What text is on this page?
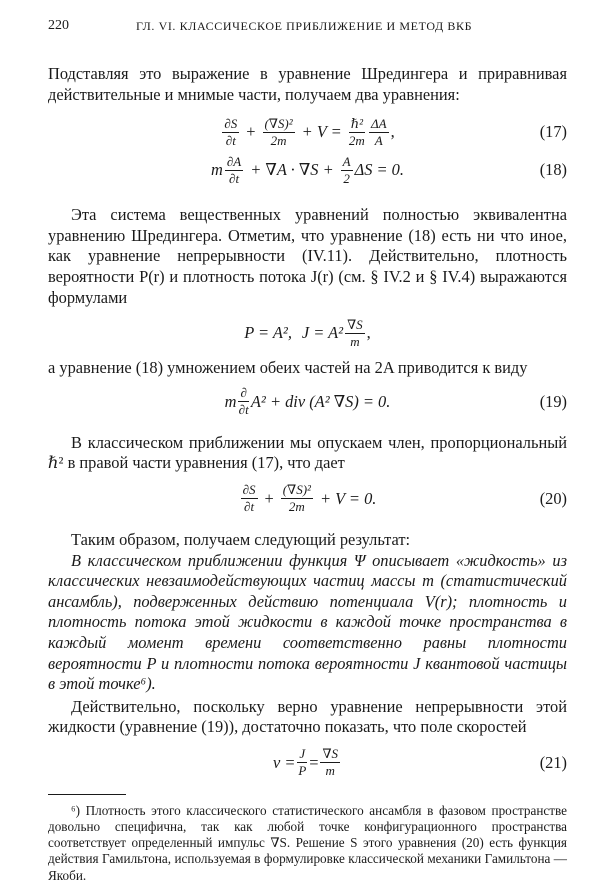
220	ГЛ. VI. КЛАССИЧЕСКОЕ ПРИБЛИЖЕНИЕ И МЕТОД ВКБ

Подставляя это выражение в уравнение Шредингера и приравнивая действительные и мнимые части, получаем два уравнения:

$\frac{\partial S}{\partial t} + \frac{\text{(∇S)²}}{2m} + V = \frac{\text{ℏ²}}{2m} \frac{\Delta A}{A}$ ,	(17)
m $\frac{\partial A}{\partial t} + \nabla A \cdot \nabla S + \frac{A}{2}$ ΔS = 0.	(18)

Эта система вещественных уравнений полностью эквивалентна уравнению Шредингера. Отметим, что уравнение (18) есть ни что иное, как уравнение непрерывности (IV.11). Действительно, плотность вероятности P(r) и плотность потока J(r) (см. § IV.2 и § IV.4) выражаются формулами

P = A², $J = A^2 \frac{\nabla S}{m}$ ,

а уравнение (18) умножением обеих частей на 2A приводится к виду

m $\frac{\partial}{\partial t} A^2$ + div (A² ∇S) = 0.	(19)

В классическом приближении мы опускаем член, пропорциональный ℏ² в правой части уравнения (17), что дает

$\frac{\partial S}{\partial t} + \frac{\text{(∇S)²}}{2m} + V = 0$.	(20)

Таким образом, получаем следующий результат:

В классическом приближении функция Ψ описывает «жидкость» из классических невзаимодействующих частиц массы m (статистический ансамбль), подверженных действию потенциала V(r); плотность и плотность потока этой жидкости в каждой точке пространства в каждый момент времени соответственно равны плотности вероятности P и плотности потока вероятности J квантовой частицы в этой точке⁶).

Действительно, поскольку верно уравнение непрерывности этой жидкости (уравнение (19)), достаточно показать, что поле скоростей

$v = \frac{J}{P} = \frac{\nabla S}{m}$	(21)

⁶) Плотность этого классического статистического ансамбля в фазовом пространстве довольно специфична, так как любой точке конфигурационного пространства соответствует определенный импульс ∇S. Решение S этого уравнения (20) есть функция действия Гамильтона, используемая в формулировке классической механики Гамильтона — Якоби.
